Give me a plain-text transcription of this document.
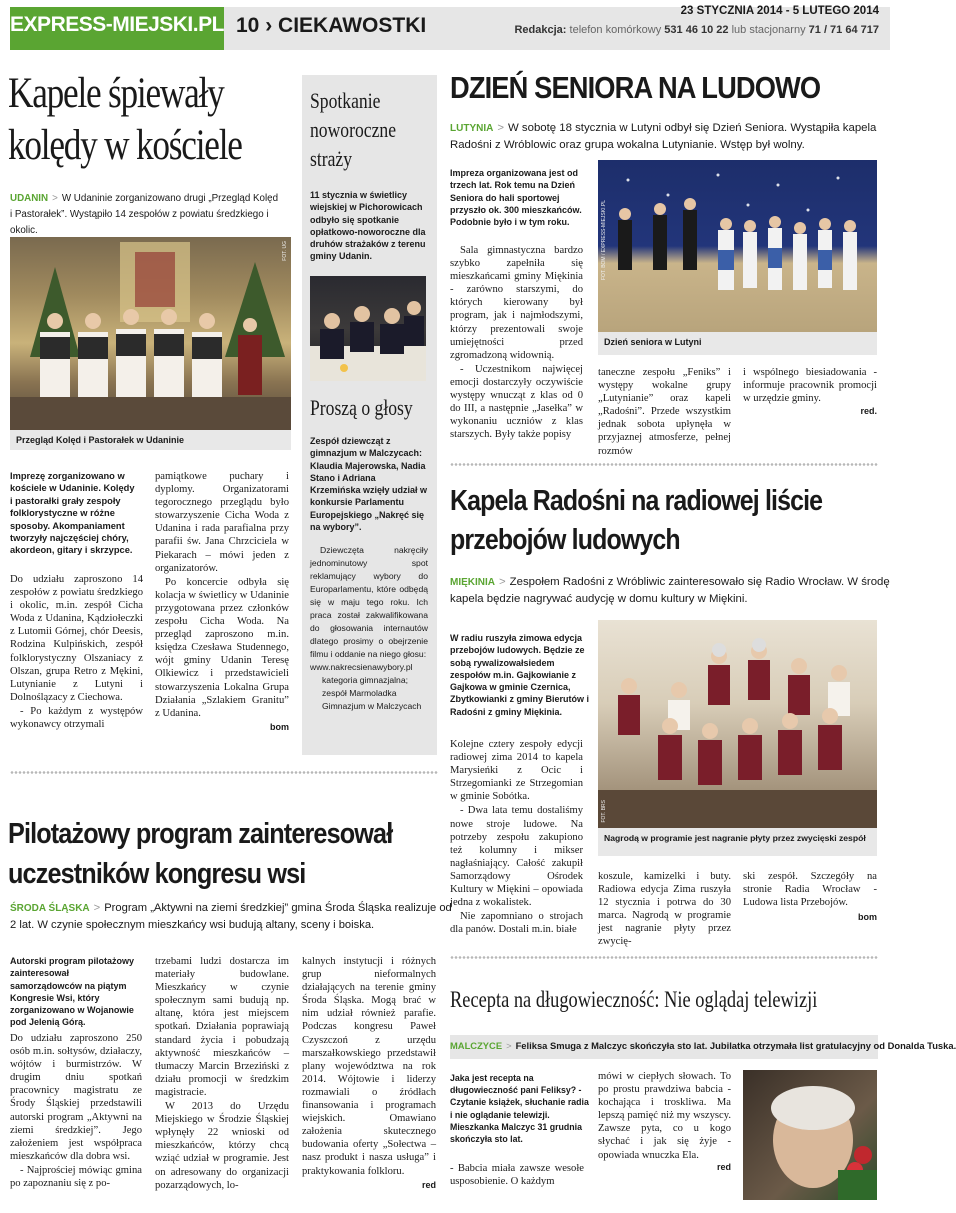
EXPRESS-MIEJSKI.PL 10 › CIEKAWOSTKI
23 STYCZNIA 2014 - 5 LUTEGO 2014
Redakcja: telefon komórkowy 531 46 10 22 lub stacjonarny 71 / 71 64 717
Kapele śpiewały
kolędy w kościele
UDANIN > W Udaninie zorganizowano drugi „Przegląd Kolęd
i Pastorałek”. Wystąpiło 14 zespołów z powiatu średzkiego i okolic.
FOT. UG
Przegląd Kolęd i Pastorałek w Udaninie
Imprezę zorganizowano w kościele w Udaninie. Kolędy i pastorałki grały zespoły folklorystyczne w różne sposoby. Akompaniament tworzyły najczęściej chóry, akordeon, gitary i skrzypce.

Do udziału zaproszono 14 zespołów z powiatu średzkiego i okolic, m.in. zespół Cicha Woda z Udanina, Kądziołeczki z Lutomii Górnej, chór Deesis, Rodzina Kulpińskich, zespół folklorystyczny Olszaniacy z Olszan, grupa Retro z Mękini, Lutynianie z Lutyni i Dolnoślązacy z Ciechowa.

- Po każdym z występów wykonawcy otrzymali

pamiątkowe puchary i dyplomy. Organizatorami tegorocznego przeglądu było stowarzyszenie Cicha Woda z Udanina i rada parafialna przy parafii św. Jana Chrzciciela w Piekarach – mówi jeden z organizatorów.

Po koncercie odbyła się kolacja w świetlicy w Udaninie przygotowana przez członków zespołu Cicha Woda. Na przegląd zaproszono m.in. księdza Czesława Studennego, wójt gminy Udanin Teresę Olkiewicz i przedstawicieli stowarzyszenia Lokalna Grupa Działania „Szlakiem Granitu” z Udanina.

bom
Spotkanie
noworoczne
straży
11 stycznia w świetlicy wiejskiej w Pichorowicach odbyło się spotkanie opłatkowo-noworoczne dla druhów strażaków z terenu gminy Udanin.
Proszą o głosy
Zespół dziewcząt z gimnazjum w Malczycach: Klaudia Majerowska, Nadia Stano i Adriana Krzemińska wzięły udział w konkursie Parlamentu Europejskiego „Nakręć się na wybory”.
Dziewczęta nakręciły jednominutowy spot reklamujący wybory do Europarlamentu, które odbędą się w maju tego roku. Ich praca został zakwalifikowana do głosowania internautów dlatego prosimy o obejrzenie filmu i oddanie na niego głosu:
www.nakrecsienawybory.pl
kategoria gimnazjalna;
zespół Marmoladka
Gimnazjum w Malczycach
DZIEŃ SENIORA NA LUDOWO
LUTYNIA > W sobotę 18 stycznia w Lutyni odbył się Dzień Seniora. Wystąpiła kapela
Radośni z Wróblowic oraz grupa wokalna Lutynianie. Wstęp był wolny.
Impreza organizowana jest od trzech lat. Rok temu na Dzień Seniora do hali sportowej przyszło ok. 300 mieszkańców. Podobnie było i w tym roku.

Sala gimnastyczna bardzo szybko zapełniła się mieszkańcami gminy Miękinia - zarówno starszymi, do których kierowany był program, jak i najmłodszymi, którzy prezentowali swoje umiejętności przed zgromadzoną widownią.

- Uczestnikom najwięcej emocji dostarczyły oczywiście występy wnucząt z klas od 0 do III, a następnie „Jasełka” w wykonaniu uczniów z klas starszych. Były także popisy

FOT. BOM / EXPRESS-MIEJSKI.PL
Dzień seniora w Lutyni

taneczne zespołu „Feniks” i występy wokalne grupy „Lutynianie” oraz kapeli „Radośni”. Przede wszystkim jednak sobota upłynęła w przyjaznej atmosferze, pełnej rozmów

i wspólnego biesiadowania - informuje pracownik promocji w urzędzie gminy.

red.
Kapela Radośni na radiowej liście
przebojów ludowych
MIĘKINIA > Zespołem Radośni z Wróbliwic zainteresowało się Radio Wrocław. W środę
kapela będzie nagrywać audycję w domu kultury w Miękini.
W radiu ruszyła zimowa edycja przebojów ludowych. Będzie ze sobą rywalizowałsiedem zespołów m.in. Gajkowianie z Gajkowa w gminie Czernica, Zbytkowianki z gminy Bierutów i Radośni z gminy Miękinia.

Kolejne cztery zespoły edycji radiowej zima 2014 to kapela Marysieńki z Ocic i Strzegomianki ze Strzegomian w gminie Sobótka.

- Dwa lata temu dostaliśmy nowe stroje ludowe. Na potrzeby zespołu zakupiono też kolumny i mikser nagłaśniający. Całość zakupił Samorządowy Ośrodek Kultury w Miękini – opowiada jedna z wokalistek.

Nie zapomniano o strojach dla panów. Dostali m.in. białe

FOT. BRS
Nagrodą w programie jest nagranie płyty przez zwycięski zespół

koszule, kamizelki i buty. Radiowa edycja Zima ruszyła 12 stycznia i potrwa do 30 marca. Nagrodą w programie jest nagranie płyty przez zwycię-

ski zespół. Szczegóły na stronie Radia Wrocław - Ludowa lista Przebojów.

bom
Pilotażowy program zainteresował
uczestników kongresu wsi
ŚRODA ŚLĄSKA > Program „Aktywni na ziemi średzkiej” gmina Środa Śląska realizuje od
2 lat. W czynie społecznym mieszkańcy wsi budują altany, sceny i boiska.
Autorski program pilotażowy zainteresował samorządowców na piątym Kongresie Wsi, który zorganizowano w Wojanowie pod Jelenią Górą.

Do udziału zaproszono 250 osób m.in. sołtysów, działaczy, wójtów i burmistrzów. W drugim dniu spotkań pracownicy magistratu ze Środy Śląskiej przedstawili autorski program „Aktywni na ziemi średzkiej”. Jego założeniem jest współpraca mieszkańców dla dobra wsi.

- Najprościej mówiąc gmina po zapoznaniu się z po-

trzebami ludzi dostarcza im materiały budowlane. Mieszkańcy w czynie społecznym sami budują np. altanę, która jest miejscem spotkań. Działania poprawiają standard życia i pobudzają aktywność mieszkańców – tłumaczy Marcin Brzeziński z działu promocji w średzkim magistracie.

W 2013 do Urzędu Miejskiego w Środzie Śląskiej wpłynęły 22 wnioski od mieszkańców, którzy chcą wziąć udział w programie. Jest on adresowany do organizacji pozarządowych, lo-

kalnych instytucji i różnych grup nieformalnych działających na terenie gminy Środa Śląska. Mogą brać w nim udział również parafie. Podczas kongresu Paweł Czyszczoń z urzędu marszałkowskiego przedstawił plany województwa na rok 2014. Wójtowie i liderzy rozmawiali o źródłach finansowania i programach wiejskich. Omawiano założenia skutecznego budowania oferty „Sołectwa – nasz produkt i nasza usługa” i praktykowania folkloru.

red
Recepta na długowieczność: Nie oglądaj telewizji
MALCZYCE > Feliksa Smuga z Malczyc skończyła sto lat. Jubilatka otrzymała list gratulacyjny od Donalda Tuska.
Jaka jest recepta na długowieczność pani Feliksy? - Czytanie książek, słuchanie radia i nie oglądanie telewizji. Mieszkanka Malczyc 31 grudnia skończyła sto lat.

- Babcia miała zawsze wesołe usposobienie. O każdym

mówi w ciepłych słowach. To po prostu prawdziwa babcia - kochająca i troskliwa. Ma lepszą pamięć niż my wszyscy. Zawsze pyta, co u kogo słychać i jak się żyje - opowiada wnuczka Ela.

red
